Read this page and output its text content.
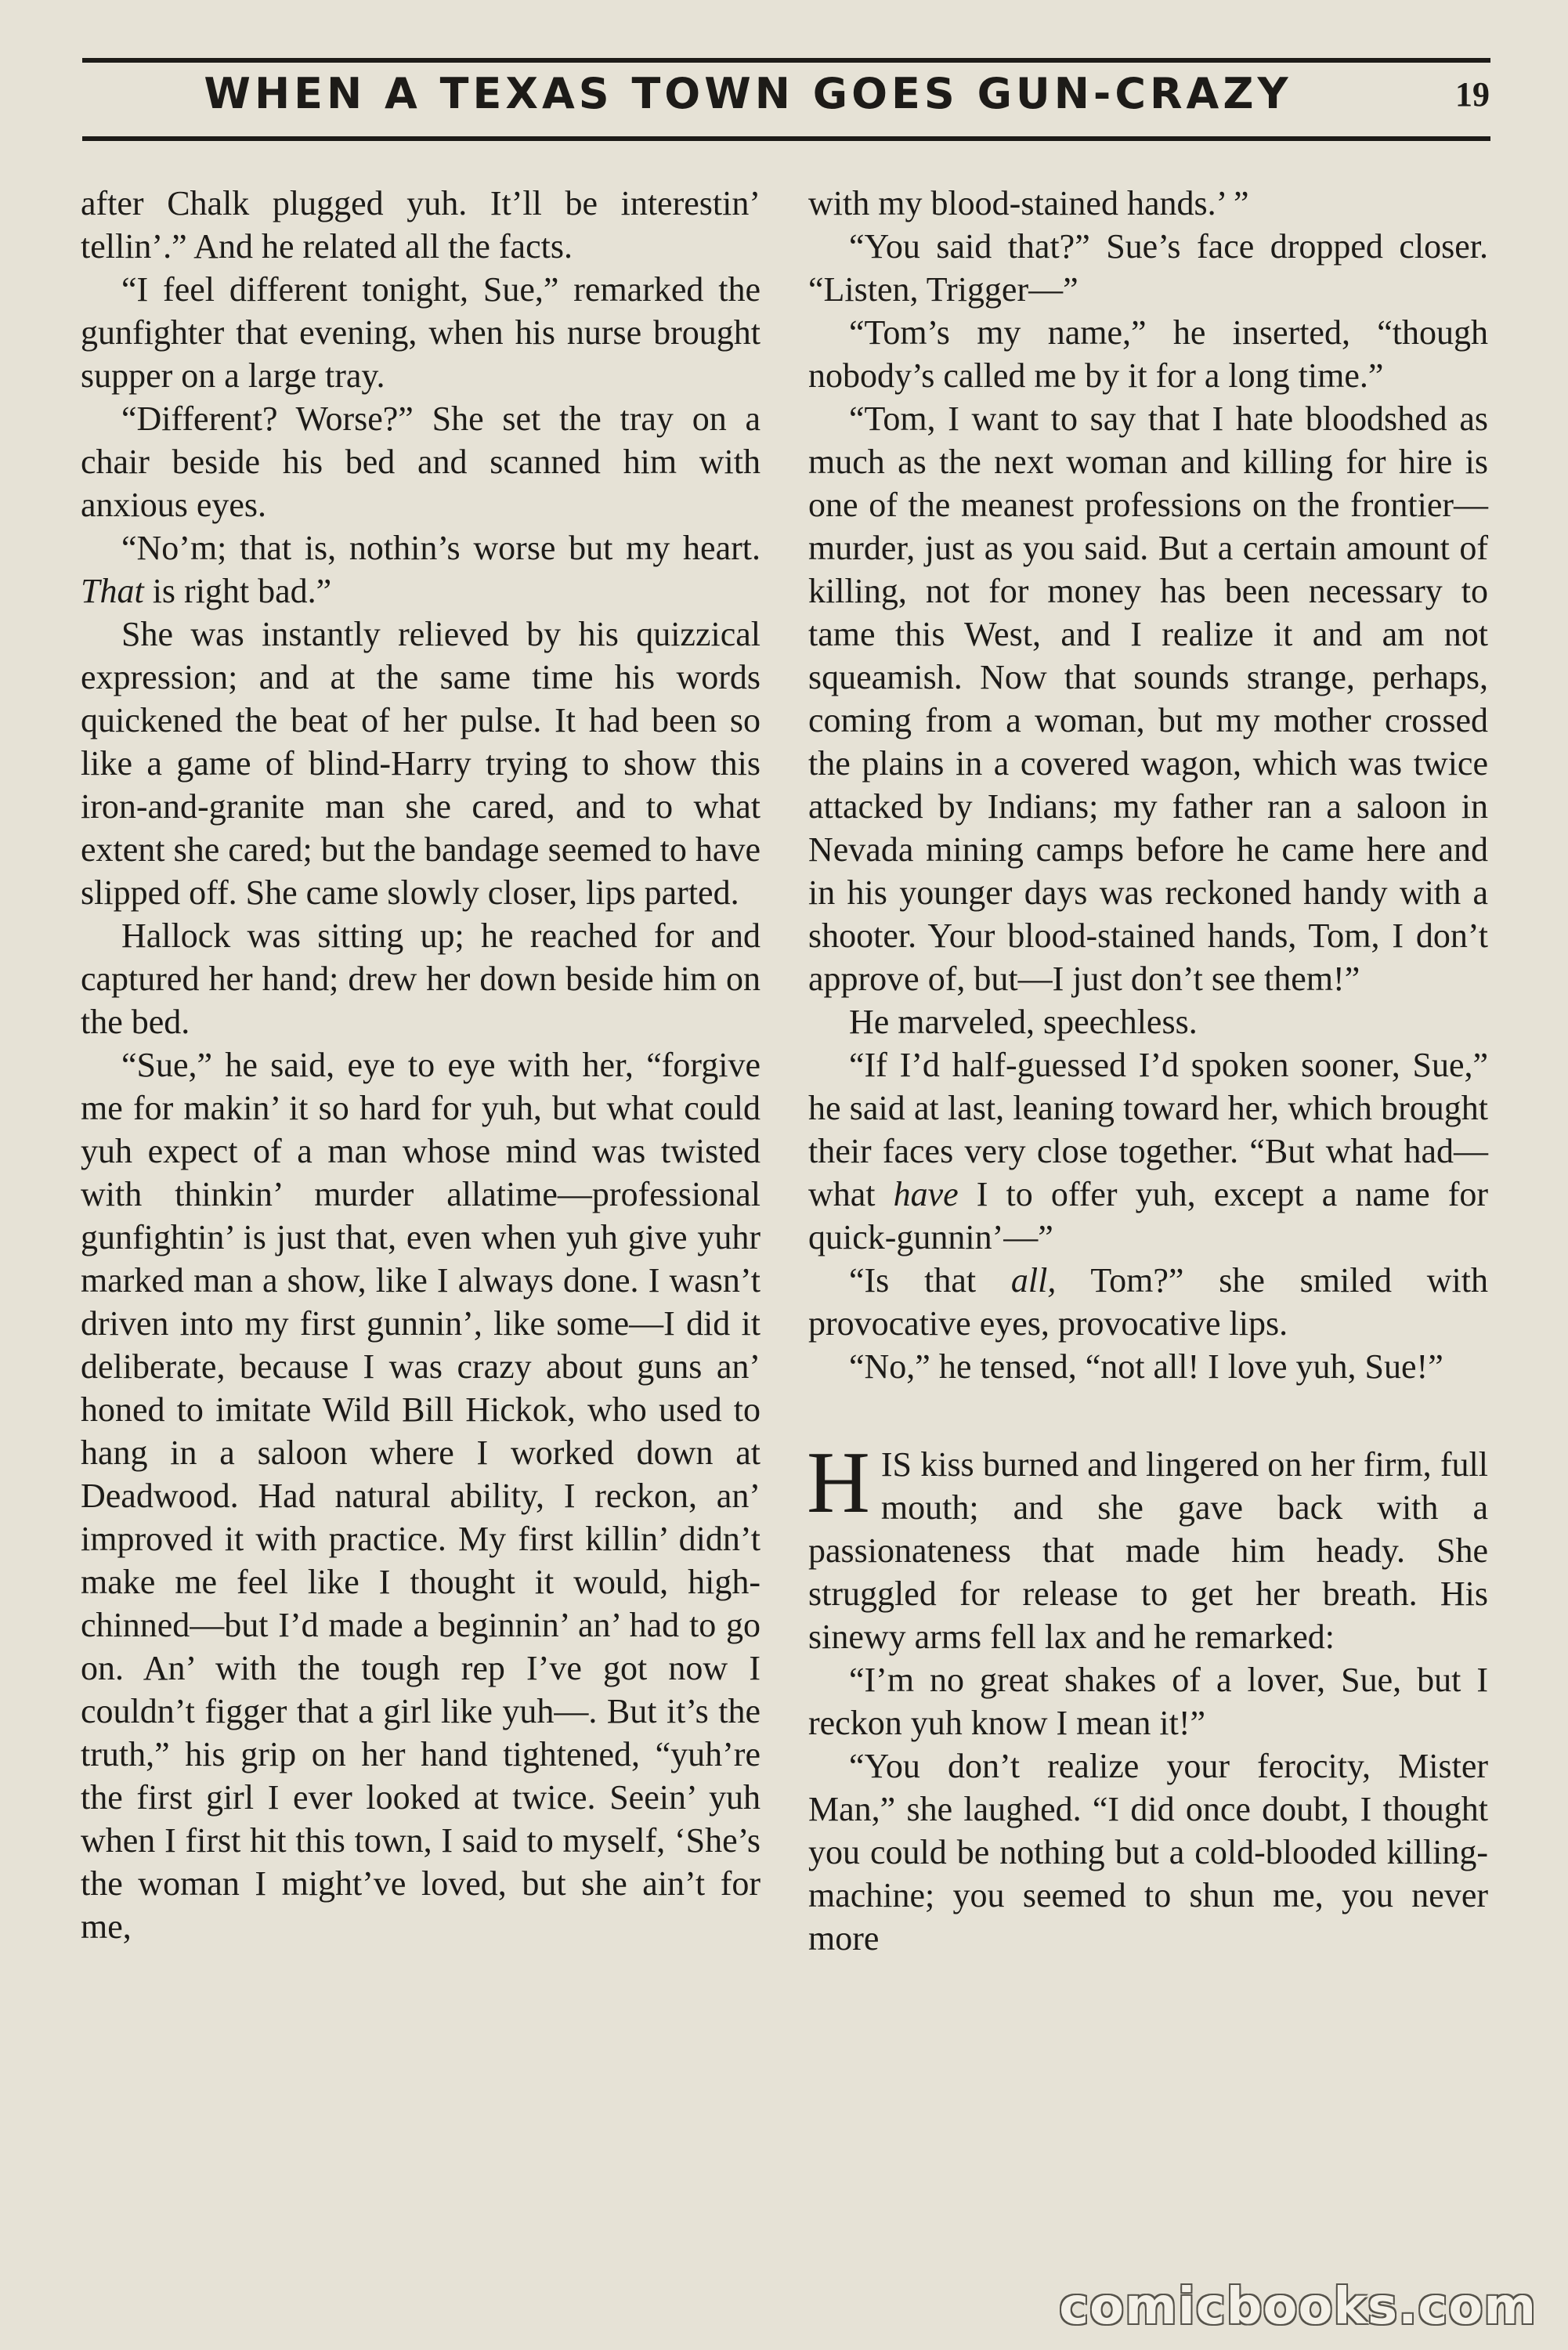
WHEN A TEXAS TOWN GOES GUN-CRAZY	19

after Chalk plugged yuh. It’ll be interestin’ tellin’.” And he related all the facts.

“I feel different tonight, Sue,” remarked the gunfighter that evening, when his nurse brought supper on a large tray.

“Different? Worse?” She set the tray on a chair beside his bed and scanned him with anxious eyes.

“No’m; that is, nothin’s worse but my heart. That is right bad.”

She was instantly relieved by his quizzical expression; and at the same time his words quickened the beat of her pulse. It had been so like a game of blind-Harry trying to show this iron-and-granite man she cared, and to what extent she cared; but the bandage seemed to have slipped off. She came slowly closer, lips parted.

Hallock was sitting up; he reached for and captured her hand; drew her down beside him on the bed.

“Sue,” he said, eye to eye with her, “forgive me for makin’ it so hard for yuh, but what could yuh expect of a man whose mind was twisted with thinkin’ murder allatime—professional gunfightin’ is just that, even when yuh give yuhr marked man a show, like I always done. I wasn’t driven into my first gunnin’, like some—I did it deliberate, because I was crazy about guns an’ honed to imitate Wild Bill Hickok, who used to hang in a saloon where I worked down at Deadwood. Had natural ability, I reckon, an’ improved it with practice. My first killin’ didn’t make me feel like I thought it would, high-chinned—but I’d made a beginnin’ an’ had to go on. An’ with the tough rep I’ve got now I couldn’t figger that a girl like yuh—. But it’s the truth,” his grip on her hand tightened, “yuh’re the first girl I ever looked at twice. Seein’ yuh when I first hit this town, I said to myself, ‘She’s the woman I might’ve loved, but she ain’t for me,

with my blood-stained hands.’ ”

“You said that?” Sue’s face dropped closer. “Listen, Trigger—”

“Tom’s my name,” he inserted, “though nobody’s called me by it for a long time.”

“Tom, I want to say that I hate bloodshed as much as the next woman and killing for hire is one of the meanest professions on the frontier—murder, just as you said. But a certain amount of killing, not for money has been necessary to tame this West, and I realize it and am not squeamish. Now that sounds strange, perhaps, coming from a woman, but my mother crossed the plains in a covered wagon, which was twice attacked by Indians; my father ran a saloon in Nevada mining camps before he came here and in his younger days was reckoned handy with a shooter. Your blood-stained hands, Tom, I don’t approve of, but—I just don’t see them!”

He marveled, speechless.

“If I’d half-guessed I’d spoken sooner, Sue,” he said at last, leaning toward her, which brought their faces very close together. “But what had—what have I to offer yuh, except a name for quick-gunnin’—”

“Is that all, Tom?” she smiled with provocative eyes, provocative lips.

“No,” he tensed, “not all! I love yuh, Sue!”

HIS kiss burned and lingered on her firm, full mouth; and she gave back with a passionateness that made him heady. She struggled for release to get her breath. His sinewy arms fell lax and he remarked:

“I’m no great shakes of a lover, Sue, but I reckon yuh know I mean it!”

“You don’t realize your ferocity, Mister Man,” she laughed. “I did once doubt, I thought you could be nothing but a cold-blooded killing-machine; you seemed to shun me, you never more

comicbooks.com
